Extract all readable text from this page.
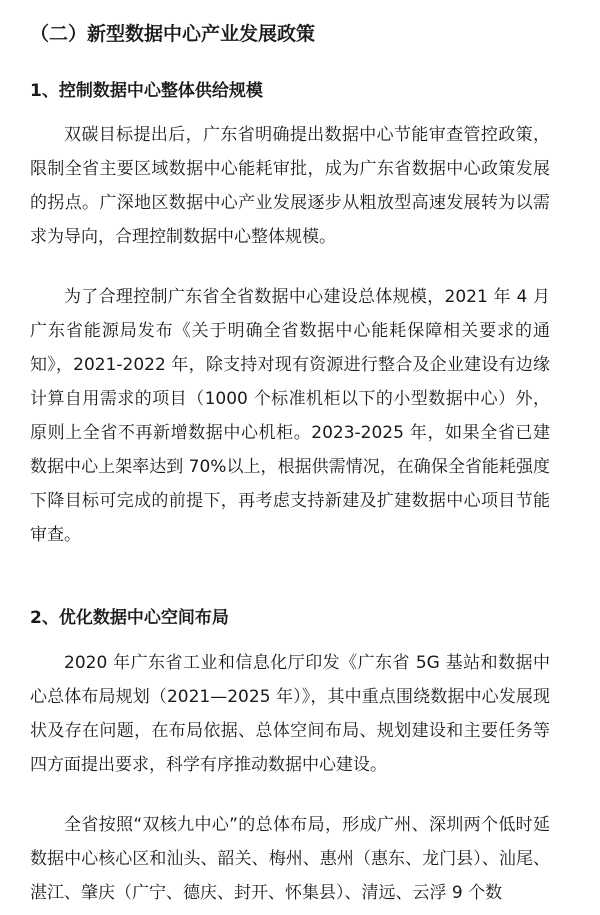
（二）新型数据中心产业发展政策
1、控制数据中心整体供给规模

双碳目标提出后，广东省明确提出数据中心节能审查管控政策，限制全省主要区域数据中心能耗审批，成为广东省数据中心政策发展的拐点。广深地区数据中心产业发展逐步从粗放型高速发展转为以需求为导向，合理控制数据中心整体规模。

为了合理控制广东省全省数据中心建设总体规模，2021 年 4 月广东省能源局发布《关于明确全省数据中心能耗保障相关要求的通知》，2021-2022 年，除支持对现有资源进行整合及企业建设有边缘计算自用需求的项目（1000 个标准机柜以下的小型数据中心）外，原则上全省不再新增数据中心机柜。2023-2025 年，如果全省已建数据中心上架率达到 70%以上，根据供需情况，在确保全省能耗强度下降目标可完成的前提下，再考虑支持新建及扩建数据中心项目节能审查。

2、优化数据中心空间布局

2020 年广东省工业和信息化厅印发《广东省 5G 基站和数据中心总体布局规划（2021—2025 年）》，其中重点围绕数据中心发展现状及存在问题，在布局依据、总体空间布局、规划建设和主要任务等四方面提出要求，科学有序推动数据中心建设。

全省按照“双核九中心”的总体布局，形成广州、深圳两个低时延数据中心核心区和汕头、韶关、梅州、惠州（惠东、龙门县）、汕尾、湛江、肇庆（广宁、德庆、封开、怀集县）、清远、云浮 9 个数
